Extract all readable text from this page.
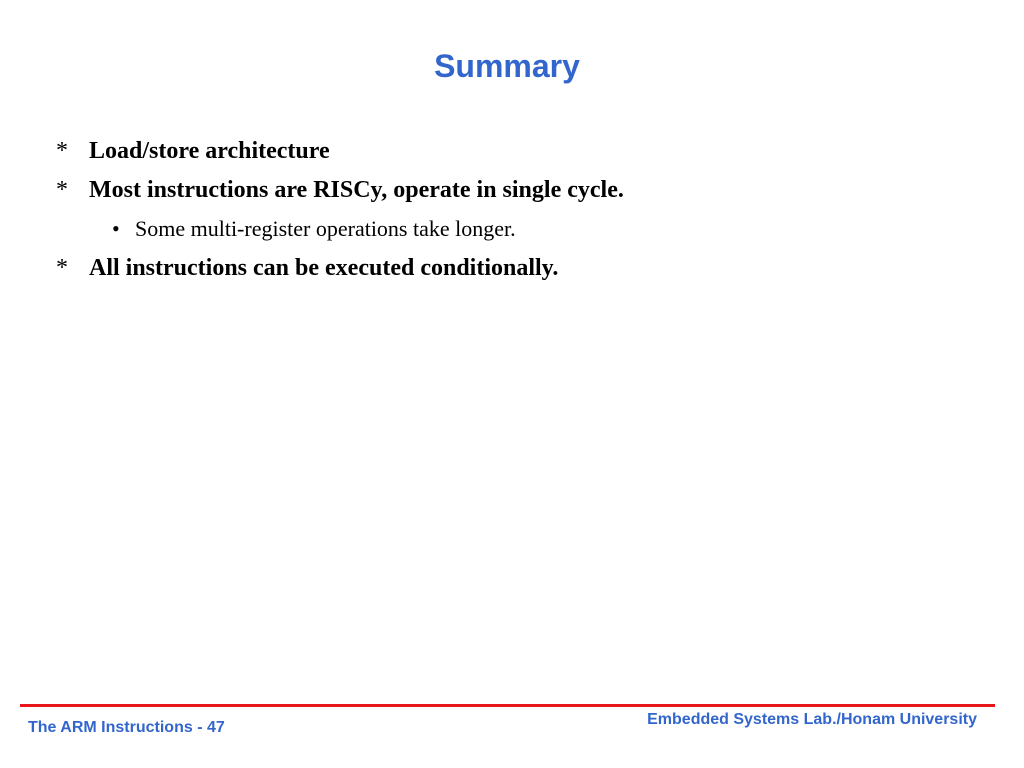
Summary
* Load/store architecture
* Most instructions are RISCy, operate in single cycle.
• Some multi-register operations take longer.
* All instructions can be executed conditionally.
Embedded Systems Lab./Honam University
The ARM Instructions - 47
